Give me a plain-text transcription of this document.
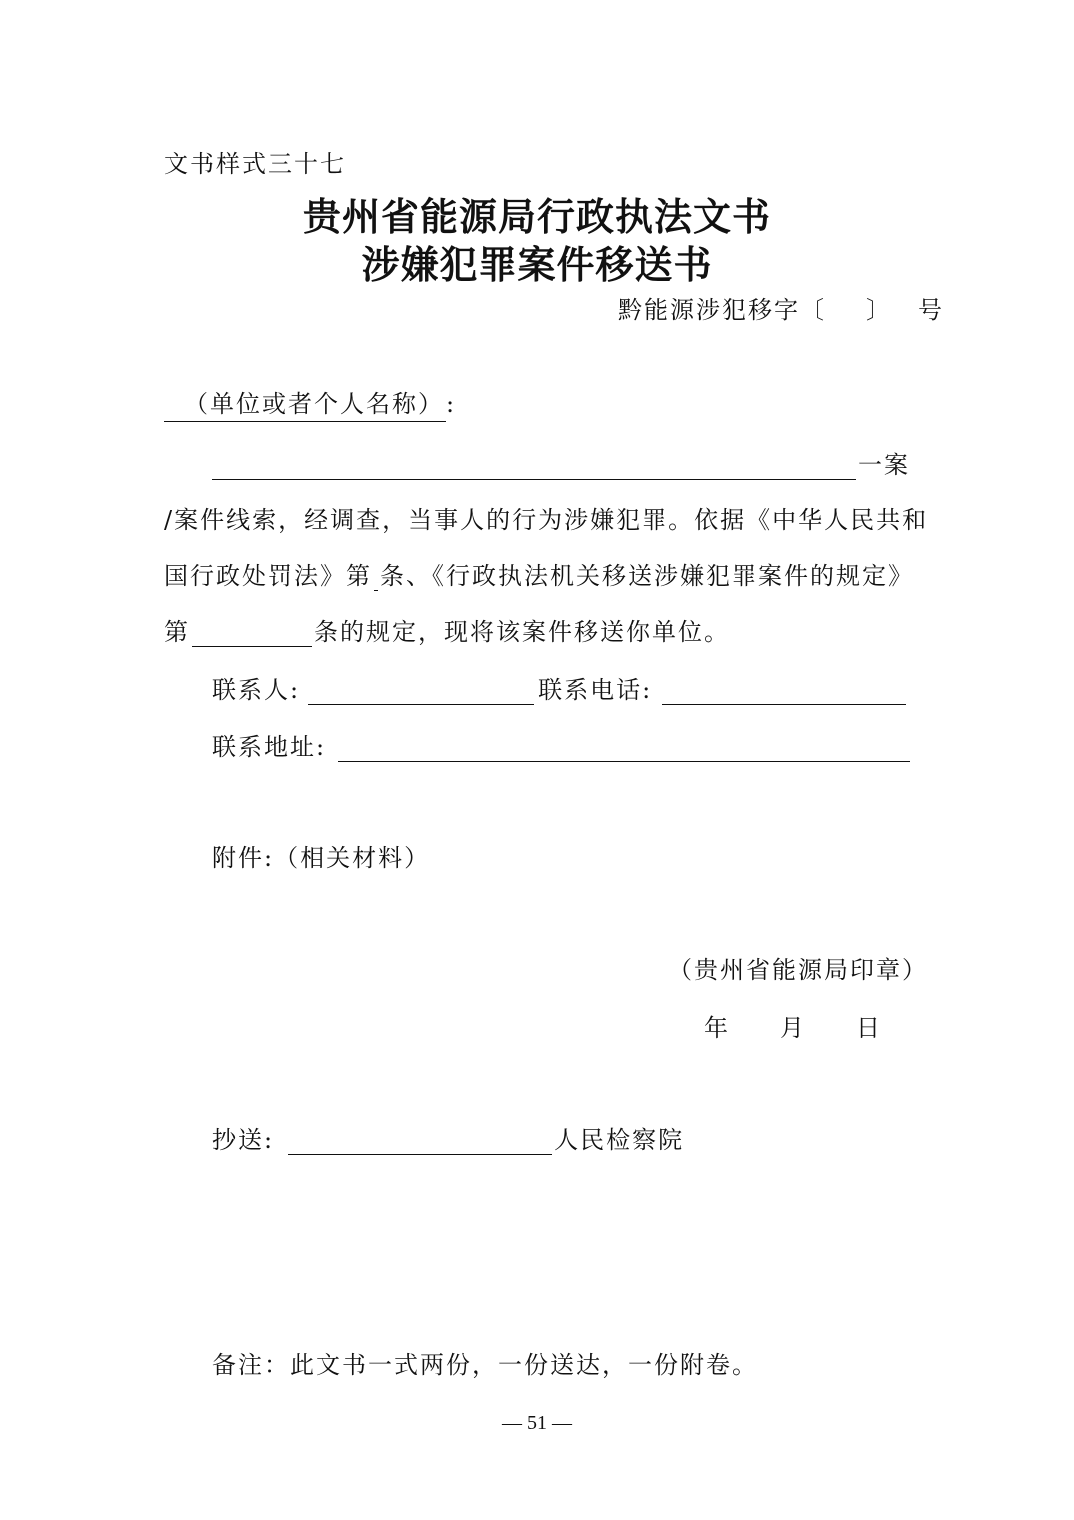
文书样式三十七
贵州省能源局行政执法文书
涉嫌犯罪案件移送书
黔能源涉犯移字〔 〕 号
（单位或者个人名称） :
一案
/案件线索，经调查，当事人的行为涉嫌犯罪。依据《中华人民共和
国行政处罚法》第 条、《行政执法机关移送涉嫌犯罪案件的规定》
第	条的规定，现将该案件移送你单位。
联系人:	联系电话:
联系地址:
附件:（相关材料）
（贵州省能源局印章）
年 月 日
抄送:	人民检察院
备注：此文书一式两份，一份送达，一份附卷。
— 51 —
